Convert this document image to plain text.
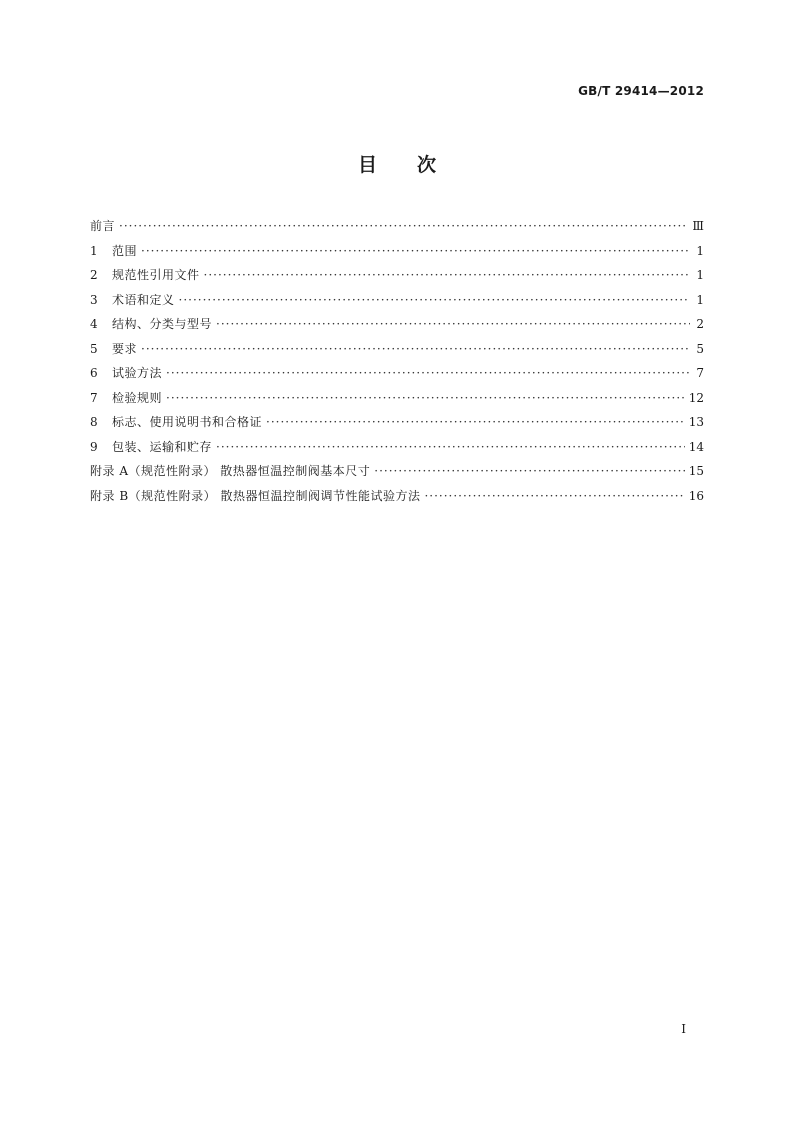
GB/T 29414—2012
目次
前言 ·····	Ⅲ
1	范围 ·····	1
2	规范性引用文件 ·····	1
3	术语和定义 ·····	1
4	结构、分类与型号 ·····	2
5	要求 ·····	5
6	试验方法 ·····	7
7	检验规则 ·····	12
8	标志、使用说明书和合格证 ·····	13
9	包装、运输和贮存 ·····	14
附录 A（规范性附录） 散热器恒温控制阀基本尺寸 ·····	15
附录 B（规范性附录） 散热器恒温控制阀调节性能试验方法 ·····	16
I
